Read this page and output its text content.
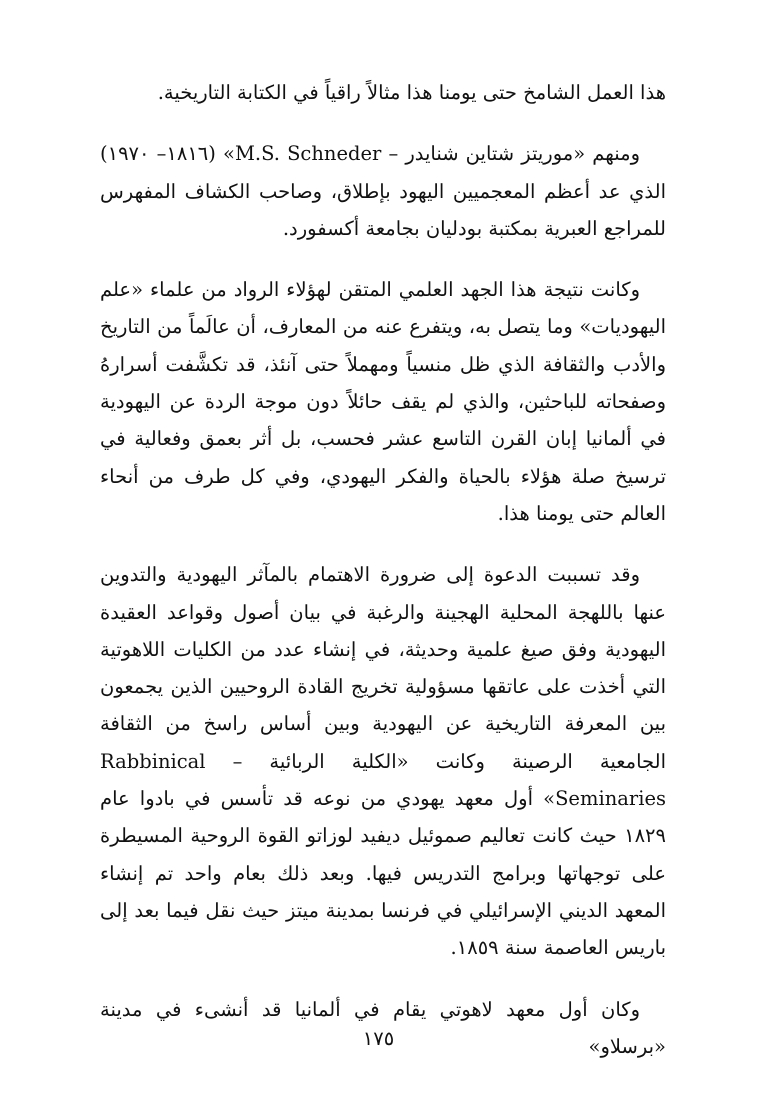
هذا العمل الشامخ حتى يومنا هذا مثالاً راقياً في الكتابة التاريخية.

ومنهم «موريتز شتاين شنايدر – M.S. Schneder» (١٨١٦– ١٩٧٠) الذي عد أعظم المعجميين اليهود بإطلاق، وصاحب الكشاف المفهرس للمراجع العبرية بمكتبة بودليان بجامعة أكسفورد.

وكانت نتيجة هذا الجهد العلمي المتقن لهؤلاء الرواد من علماء «علم اليهوديات» وما يتصل به، ويتفرع عنه من المعارف، أن عالَماً من التاريخ والأدب والثقافة الذي ظل منسياً ومهملاً حتى آنئذ، قد تكشَّفت أسرارهُ وصفحاته للباحثين، والذي لم يقف حائلاً دون موجة الردة عن اليهودية في ألمانيا إبان القرن التاسع عشر فحسب، بل أثر بعمق وفعالية في ترسيخ صلة هؤلاء بالحياة والفكر اليهودي، وفي كل طرف من أنحاء العالم حتى يومنا هذا.

وقد تسببت الدعوة إلى ضرورة الاهتمام بالمآثر اليهودية والتدوين عنها باللهجة المحلية الهجينة والرغبة في بيان أصول وقواعد العقيدة اليهودية وفق صيغ علمية وحديثة، في إنشاء عدد من الكليات اللاهوتية التي أخذت على عاتقها مسؤولية تخريج القادة الروحيين الذين يجمعون بين المعرفة التاريخية عن اليهودية وبين أساس راسخ من الثقافة الجامعية الرصينة وكانت «الكلية الربائية – Rabbinical Seminaries» أول معهد يهودي من نوعه قد تأسس في بادوا عام ١٨٢٩ حيث كانت تعاليم صموئيل ديفيد لوزاتو القوة الروحية المسيطرة على توجهاتها وبرامج التدريس فيها. وبعد ذلك بعام واحد تم إنشاء المعهد الديني الإسرائيلي في فرنسا بمدينة ميتز حيث نقل فيما بعد إلى باريس العاصمة سنة ١٨٥٩.

وكان أول معهد لاهوتي يقام في ألمانيا قد أنشىء في مدينة «برسلاو»

١٧٥
